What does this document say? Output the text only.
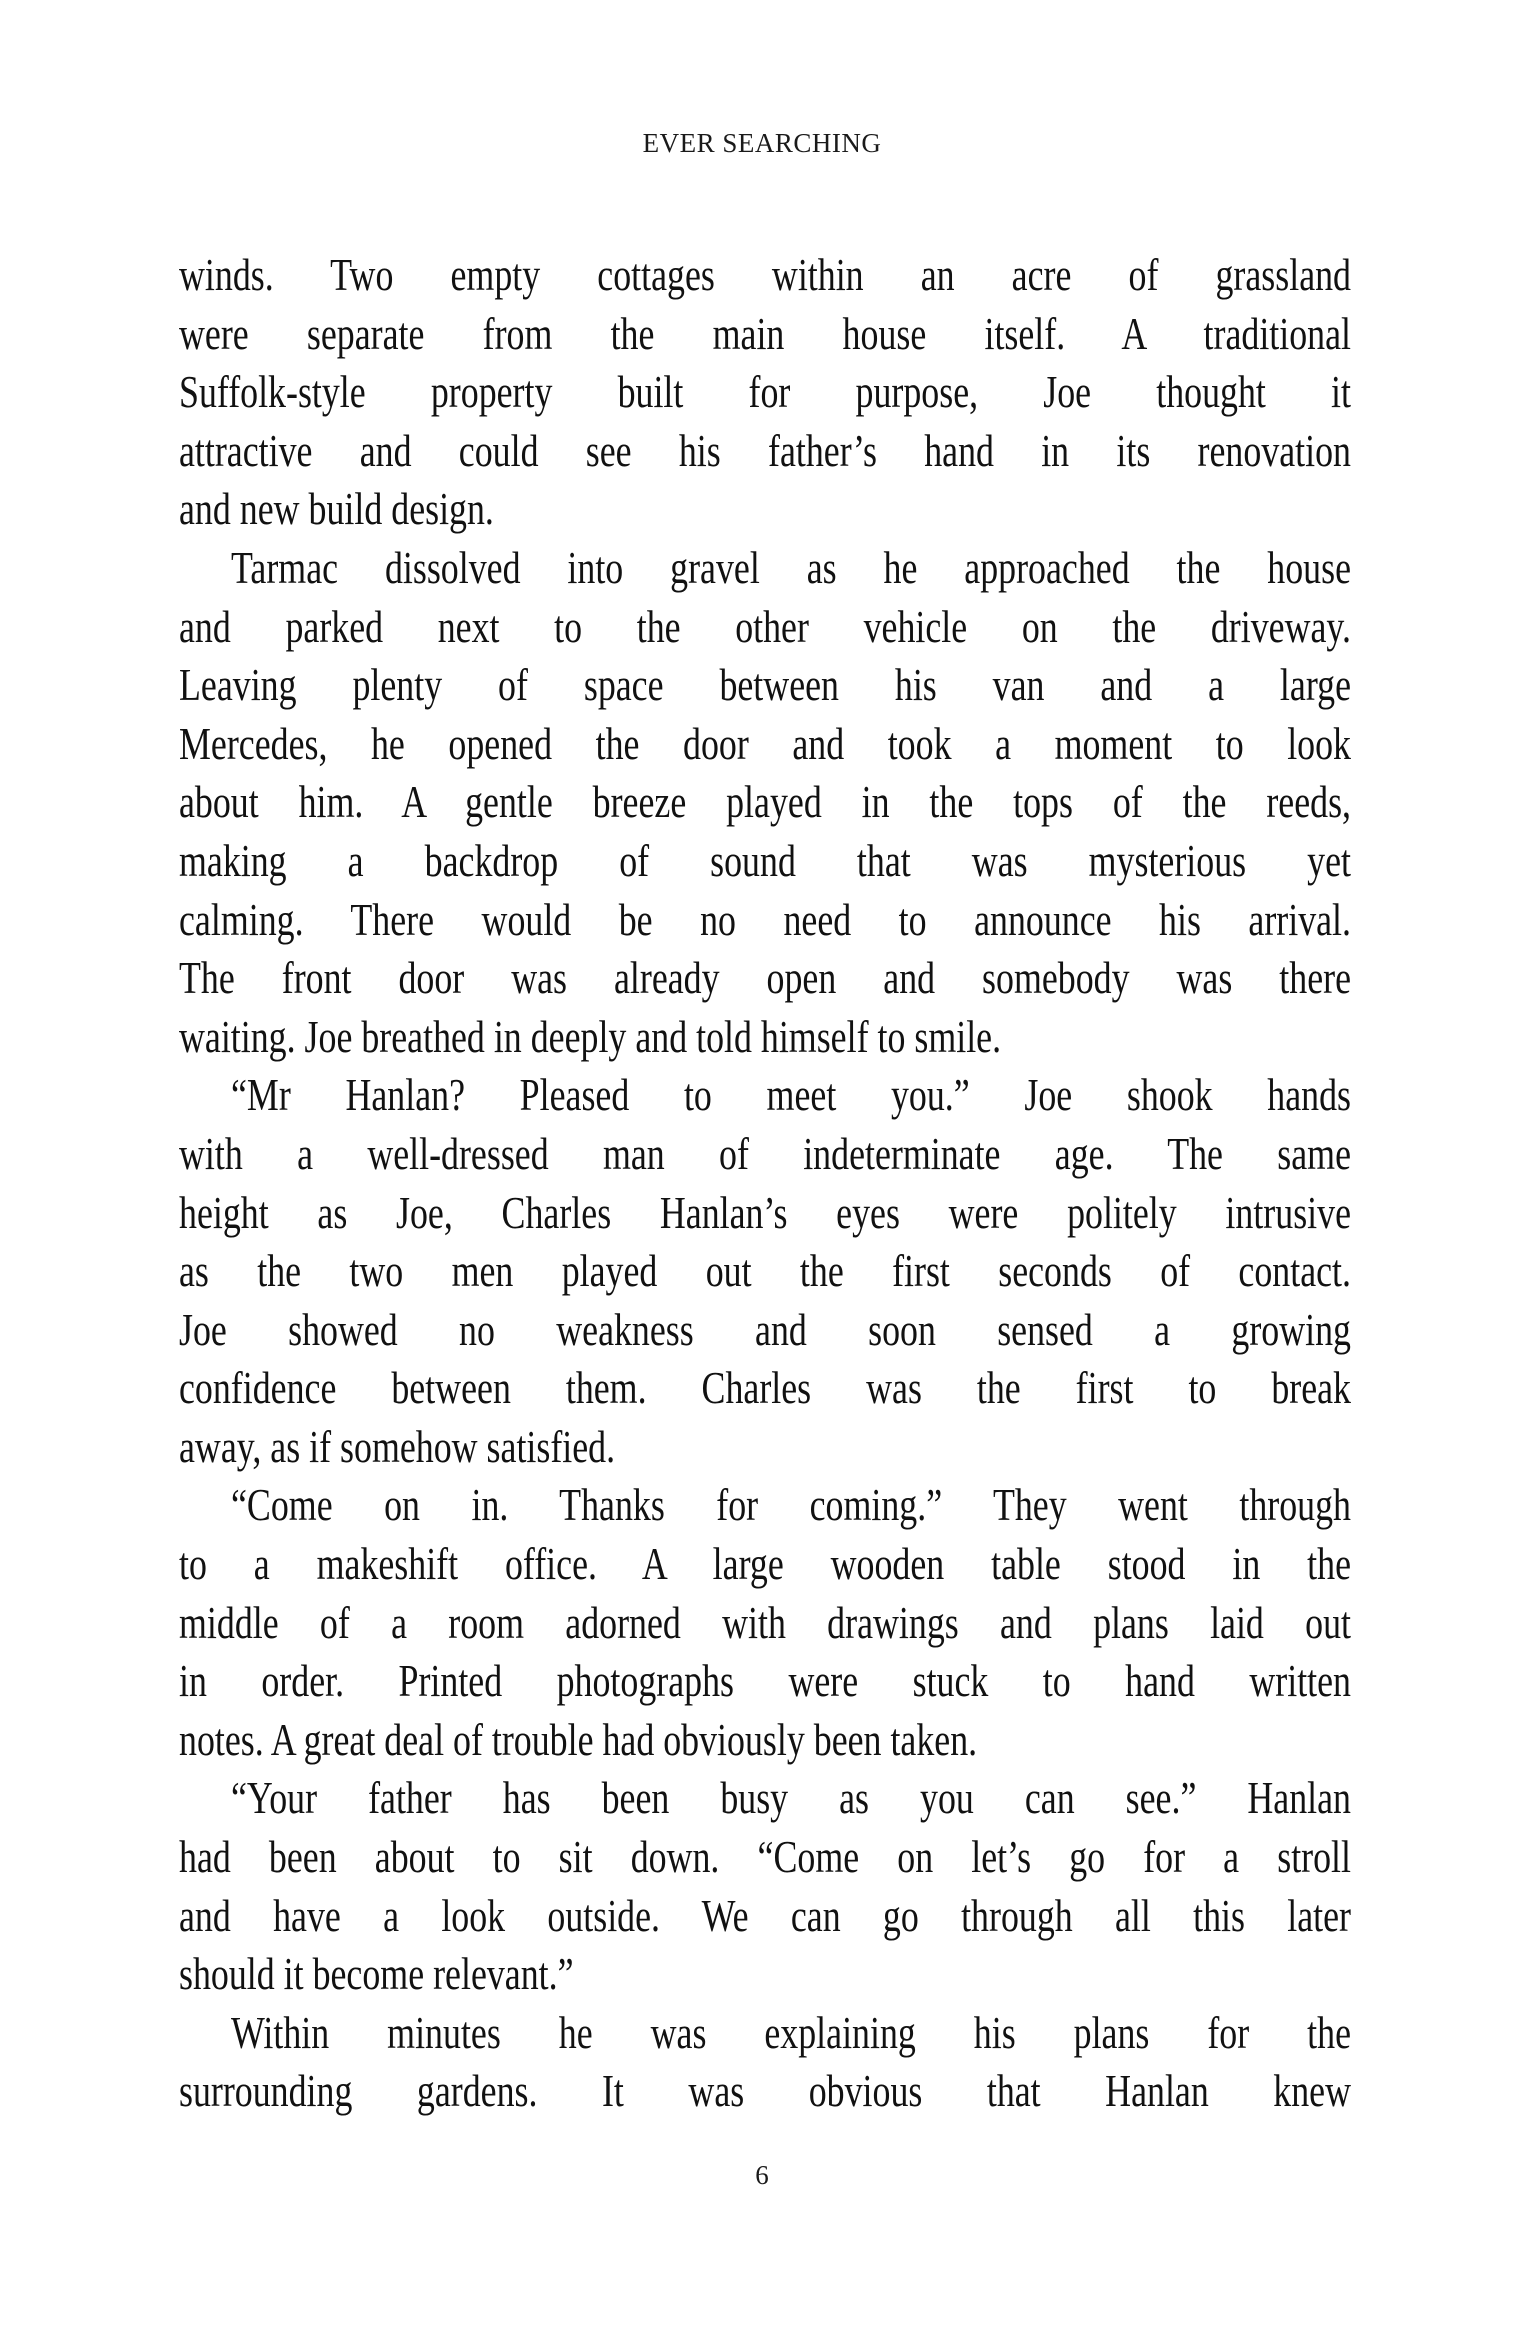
EVER SEARCHING
winds. Two empty cottages within an acre of grassland
were separate from the main house itself. A traditional
Suffolk-style property built for purpose, Joe thought it
attractive and could see his father’s hand in its renovation
and new build design.
Tarmac dissolved into gravel as he approached the house
and parked next to the other vehicle on the driveway.
Leaving plenty of space between his van and a large
Mercedes, he opened the door and took a moment to look
about him. A gentle breeze played in the tops of the reeds,
making a backdrop of sound that was mysterious yet
calming. There would be no need to announce his arrival.
The front door was already open and somebody was there
waiting. Joe breathed in deeply and told himself to smile.
“Mr Hanlan? Pleased to meet you.” Joe shook hands
with a well-dressed man of indeterminate age. The same
height as Joe, Charles Hanlan’s eyes were politely intrusive
as the two men played out the first seconds of contact.
Joe showed no weakness and soon sensed a growing
confidence between them. Charles was the first to break
away, as if somehow satisfied.
“Come on in. Thanks for coming.” They went through
to a makeshift office. A large wooden table stood in the
middle of a room adorned with drawings and plans laid out
in order. Printed photographs were stuck to hand written
notes. A great deal of trouble had obviously been taken.
“Your father has been busy as you can see.” Hanlan
had been about to sit down. “Come on let’s go for a stroll
and have a look outside. We can go through all this later
should it become relevant.”
Within minutes he was explaining his plans for the
surrounding gardens. It was obvious that Hanlan knew
6
